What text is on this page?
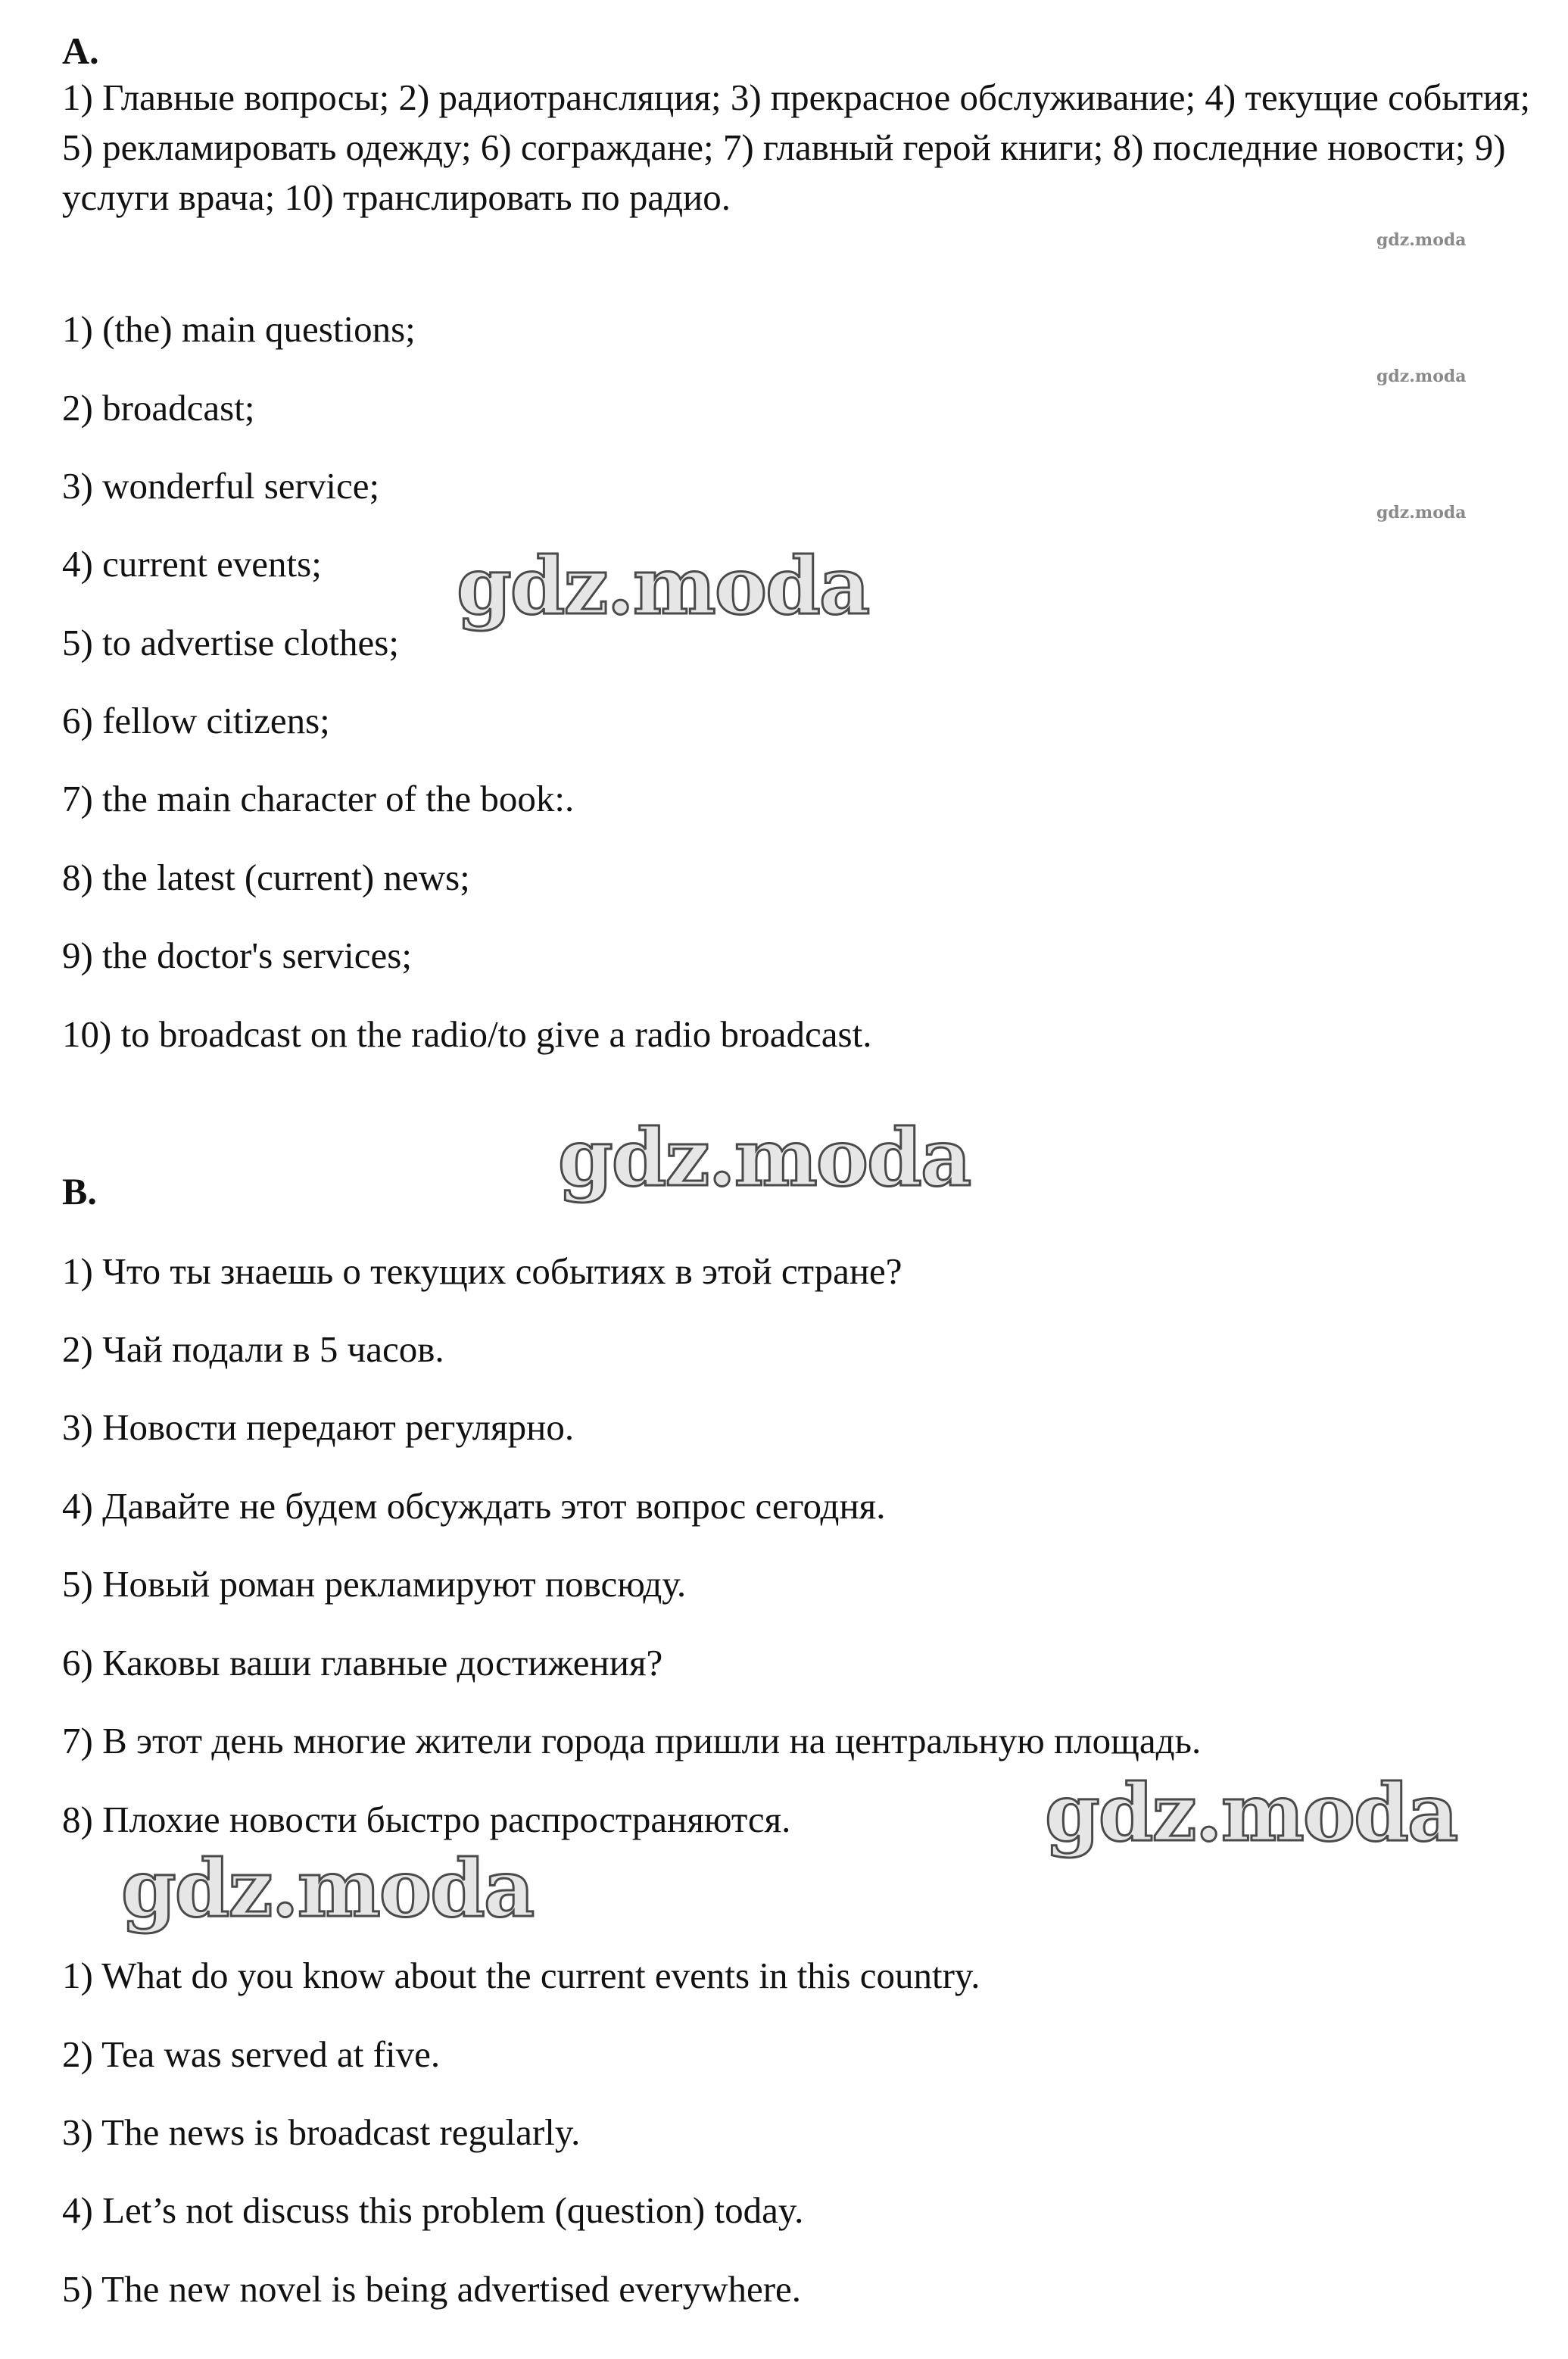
A.
1) Главные вопросы; 2) радиотрансляция; 3) прекрасное обслуживание; 4) текущие события; 5) рекламировать одежду; 6) сограждане; 7) главный герой книги; 8) последние новости; 9) услуги врача; 10) транслировать по радио.
1) (the) main questions;
2) broadcast;
3) wonderful service;
4) current events;
5) to advertise clothes;
6) fellow citizens;
7) the main character of the book:.
8) the latest (current) news;
9) the doctor's services;
10) to broadcast on the radio/to give a radio broadcast.
B.
1) Что ты знаешь о текущих событиях в этой стране?
2) Чай подали в 5 часов.
3) Новости передают регулярно.
4) Давайте не будем обсуждать этот вопрос сегодня.
5) Новый роман рекламируют повсюду.
6) Каковы ваши главные достижения?
7) В этот день многие жители города пришли на центральную площадь.
8) Плохие новости быстро распространяются.
1) What do you know about the current events in this country.
2) Tea was served at five.
3) The news is broadcast regularly.
4) Let’s not discuss this problem (question) today.
5) The new novel is being advertised everywhere.
gdz.moda
gdz.moda
gdz.moda
gdz.moda
gdz.moda
gdz.moda
gdz.moda
